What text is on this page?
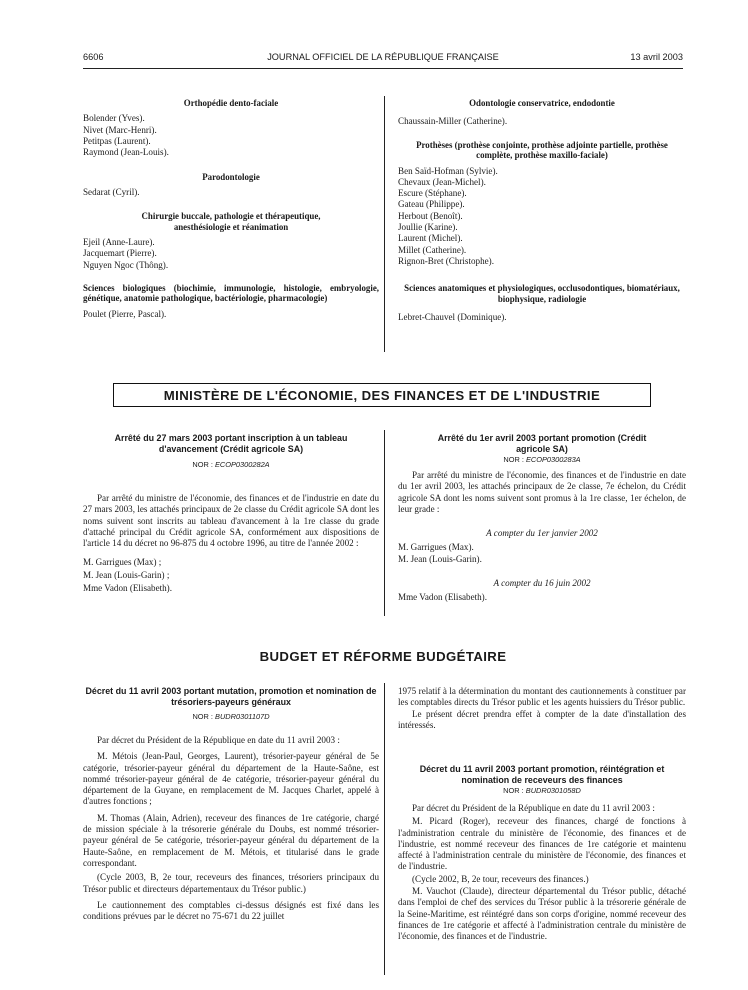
6606	JOURNAL OFFICIEL DE LA RÉPUBLIQUE FRANÇAISE	13 avril 2003
Orthopédie dento-faciale
Bolender (Yves).
Nivet (Marc-Henri).
Petitpas (Laurent).
Raymond (Jean-Louis).
Parodontologie
Sedarat (Cyril).
Chirurgie buccale, pathologie et thérapeutique, anesthésiologie et réanimation
Ejeil (Anne-Laure).
Jacquemart (Pierre).
Nguyen Ngoc (Thông).
Sciences biologiques (biochimie, immunologie, histologie, embryologie, génétique, anatomie pathologique, bactériologie, pharmacologie)
Poulet (Pierre, Pascal).
Odontologie conservatrice, endodontie
Chaussain-Miller (Catherine).
Prothèses (prothèse conjointe, prothèse adjointe partielle, prothèse complète, prothèse maxillo-faciale)
Ben Saïd-Hofman (Sylvie).
Chevaux (Jean-Michel).
Escure (Stéphane).
Gateau (Philippe).
Herbout (Benoît).
Joullie (Karine).
Laurent (Michel).
Millet (Catherine).
Rignon-Bret (Christophe).
Sciences anatomiques et physiologiques, occlusodontiques, biomatériaux, biophysique, radiologie
Lebret-Chauvel (Dominique).
MINISTÈRE DE L'ÉCONOMIE, DES FINANCES ET DE L'INDUSTRIE
Arrêté du 27 mars 2003 portant inscription à un tableau d'avancement (Crédit agricole SA)
NOR : ECOP0300282A

Par arrêté du ministre de l'économie, des finances et de l'industrie en date du 27 mars 2003, les attachés principaux de 2e classe du Crédit agricole SA dont les noms suivent sont inscrits au tableau d'avancement à la 1re classe du grade d'attaché principal du Crédit agricole SA, conformément aux dispositions de l'article 14 du décret no 96-875 du 4 octobre 1996, au titre de l'année 2002 :

M. Garrigues (Max) ;
M. Jean (Louis-Garin) ;
Mme Vadon (Elisabeth).
Arrêté du 1er avril 2003 portant promotion (Crédit agricole SA)
NOR : ECOP0300283A

Par arrêté du ministre de l'économie, des finances et de l'industrie en date du 1er avril 2003, les attachés principaux de 2e classe, 7e échelon, du Crédit agricole SA dont les noms suivent sont promus à la 1re classe, 1er échelon, de leur grade :

A compter du 1er janvier 2002
M. Garrigues (Max).
M. Jean (Louis-Garin).
A compter du 16 juin 2002
Mme Vadon (Elisabeth).
BUDGET ET RÉFORME BUDGÉTAIRE
Décret du 11 avril 2003 portant mutation, promotion et nomination de trésoriers-payeurs généraux
NOR : BUDR0301107D

Par décret du Président de la République en date du 11 avril 2003 :

M. Métois (Jean-Paul, Georges, Laurent), trésorier-payeur général de 5e catégorie, trésorier-payeur général du département de la Haute-Saône, est nommé trésorier-payeur général de 4e catégorie, trésorier-payeur général du département de la Guyane, en remplacement de M. Jacques Charlet, appelé à d'autres fonctions ;

M. Thomas (Alain, Adrien), receveur des finances de 1re catégorie, chargé de mission spéciale à la trésorerie générale du Doubs, est nommé trésorier-payeur général de 5e catégorie, trésorier-payeur général du département de la Haute-Saône, en remplacement de M. Métois, et titularisé dans le grade correspondant.

(Cycle 2003, B, 2e tour, receveurs des finances, trésoriers principaux du Trésor public et directeurs départementaux du Trésor public.)

Le cautionnement des comptables ci-dessus désignés est fixé dans les conditions prévues par le décret no 75-671 du 22 juillet

1975 relatif à la détermination du montant des cautionnements à constituer par les comptables directs du Trésor public et les agents huissiers du Trésor public.

Le présent décret prendra effet à compter de la date d'installation des intéressés.

Décret du 11 avril 2003 portant promotion, réintégration et nomination de receveurs des finances
NOR : BUDR0301058D

Par décret du Président de la République en date du 11 avril 2003 :

M. Picard (Roger), receveur des finances, chargé de fonctions à l'administration centrale du ministère de l'économie, des finances et de l'industrie, est nommé receveur des finances de 1re catégorie et maintenu affecté à l'administration centrale du ministère de l'économie, des finances et de l'industrie.

(Cycle 2002, B, 2e tour, receveurs des finances.)

M. Vauchot (Claude), directeur départemental du Trésor public, détaché dans l'emploi de chef des services du Trésor public à la trésorerie générale de la Seine-Maritime, est réintégré dans son corps d'origine, nommé receveur des finances de 1re catégorie et affecté à l'administration centrale du ministère de l'économie, des finances et de l'industrie.
